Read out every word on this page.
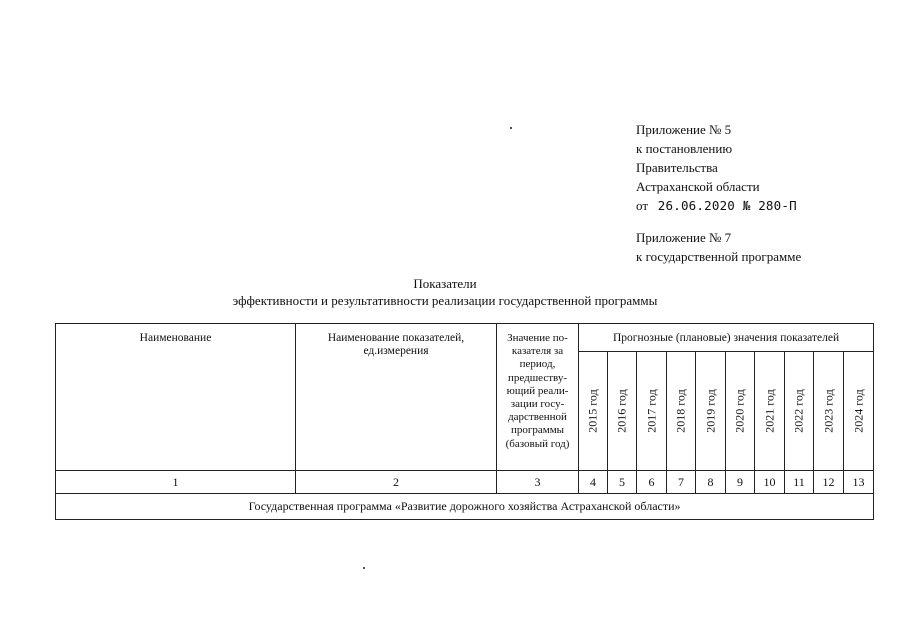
Приложение № 5
к постановлению
Правительства
Астраханской области
от 26.06.2020 № 280-П
Приложение № 7
к государственной программе
Показатели
эффективности и результативности реализации государственной программы
Наименование	Наименование показателей, ед.измерения	Значение по-казателя за период, предшеству-ющий реали-зации госу-дарственной программы (базовый год)	Прогнозные (плановые) значения показателей									

			2015 год	2016 год	2017 год	2018 год	2019 год	2020 год	2021 год	2022 год	2023 год	2024 год

1	2	3	4	5	6	7	8	9	10	11	12	13
Государственная программа «Развитие дорожного хозяйства Астраханской области»												
